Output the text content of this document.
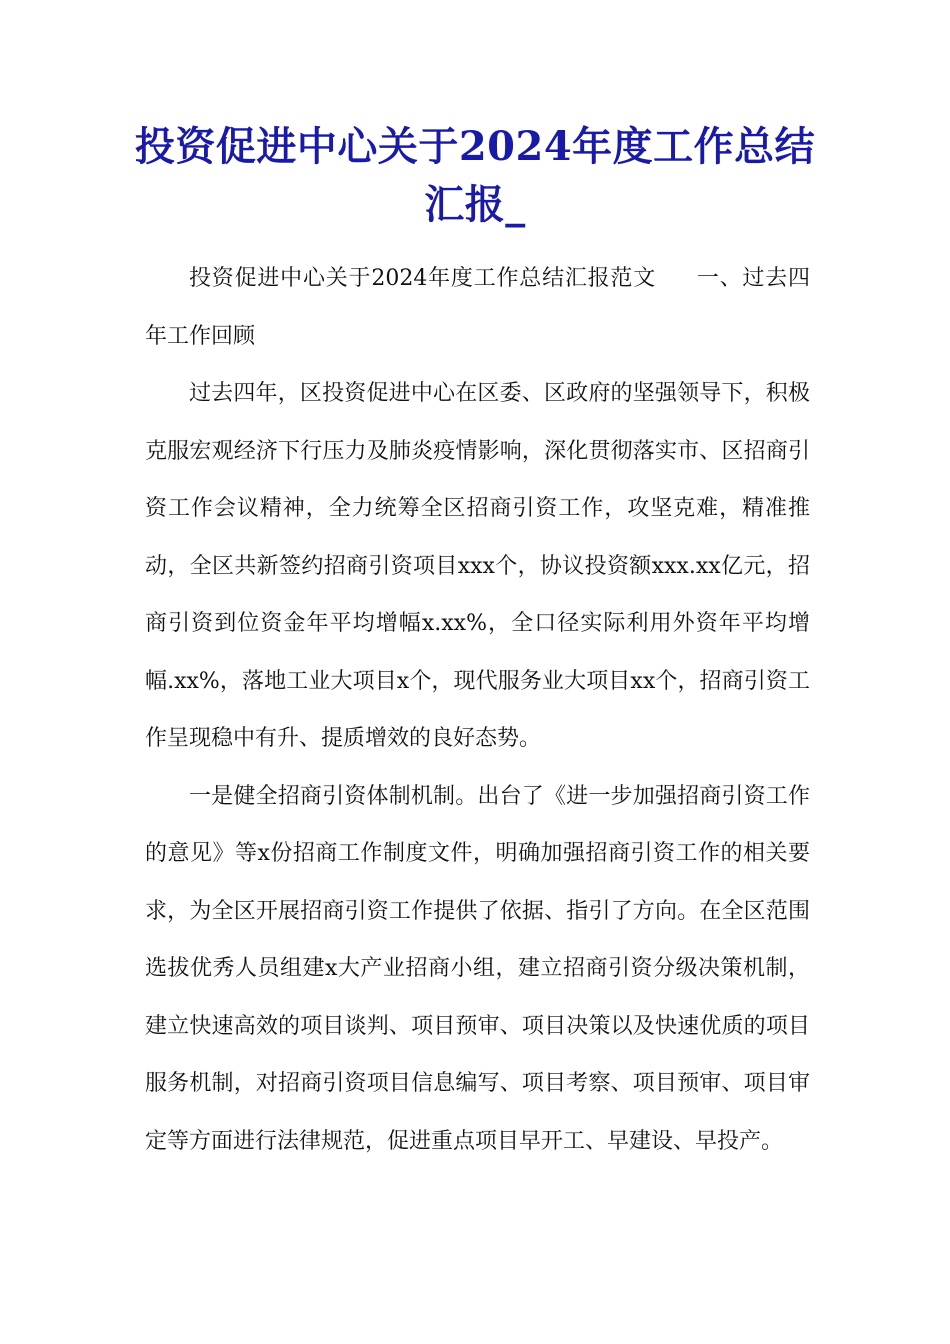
投资促进中心关于2024年度工作总结汇报_

投资促进中心关于2024年度工作总结汇报范文 一、过去四年工作回顾

过去四年，区投资促进中心在区委、区政府的坚强领导下，积极克服宏观经济下行压力及肺炎疫情影响，深化贯彻落实市、区招商引资工作会议精神，全力统筹全区招商引资工作，攻坚克难，精准推动，全区共新签约招商引资项目xxx个，协议投资额xxx.xx亿元，招商引资到位资金年平均增幅x.xx%，全口径实际利用外资年平均增幅.xx%，落地工业大项目x个，现代服务业大项目xx个，招商引资工作呈现稳中有升、提质增效的良好态势。

一是健全招商引资体制机制。出台了《进一步加强招商引资工作的意见》等x份招商工作制度文件，明确加强招商引资工作的相关要求，为全区开展招商引资工作提供了依据、指引了方向。在全区范围选拔优秀人员组建x大产业招商小组，建立招商引资分级决策机制，建立快速高效的项目谈判、项目预审、项目决策以及快速优质的项目服务机制，对招商引资项目信息编写、项目考察、项目预审、项目审定等方面进行法律规范，促进重点项目早开工、早建设、早投产。
